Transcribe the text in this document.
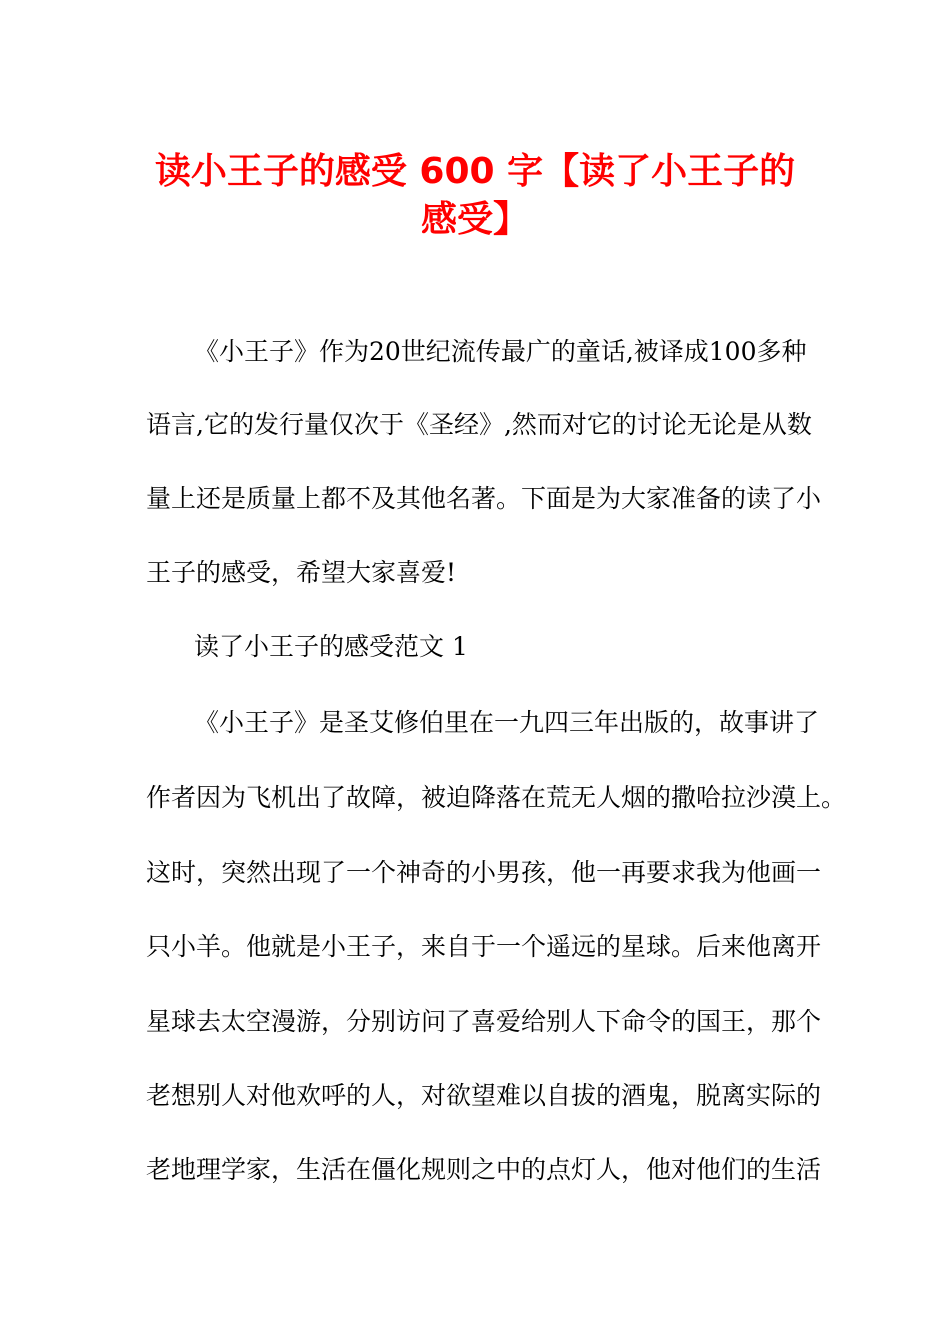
读小王子的感受 600 字【读了小王子的感受】

《小王子》作为20世纪流传最广的童话,被译成100多种

语言,它的发行量仅次于《圣经》,然而对它的讨论无论是从数

量上还是质量上都不及其他名著。下面是为大家准备的读了小

王子的感受，希望大家喜爱!

读了小王子的感受范文 1

《小王子》是圣艾修伯里在一九四三年出版的，故事讲了

作者因为飞机出了故障，被迫降落在荒无人烟的撒哈拉沙漠上。

这时，突然出现了一个神奇的小男孩，他一再要求我为他画一

只小羊。他就是小王子，来自于一个遥远的星球。后来他离开

星球去太空漫游，分别访问了喜爱给别人下命令的国王，那个

老想别人对他欢呼的人，对欲望难以自拔的酒鬼，脱离实际的

老地理学家，生活在僵化规则之中的点灯人，他对他们的生活
